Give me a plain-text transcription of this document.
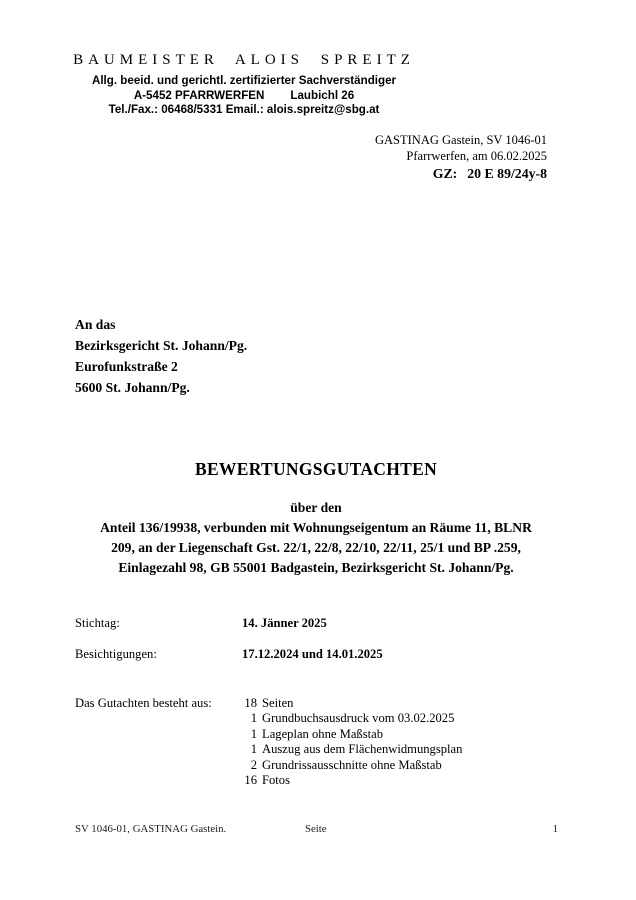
BAUMEISTER ALOIS SPREITZ
Allg. beeid. und gerichtl. zertifizierter Sachverständiger
A-5452 PFARRWERFEN Laubichl 26
Tel./Fax.: 06468/5331 Email.: alois.spreitz@sbg.at
GASTINAG Gastein, SV 1046-01
Pfarrwerfen, am 06.02.2025
GZ: 20 E 89/24y-8
An das
Bezirksgericht St. Johann/Pg.
Eurofunkstraße 2
5600 St. Johann/Pg.
BEWERTUNGSGUTACHTEN
über den
Anteil 136/19938, verbunden mit Wohnungseigentum an Räume 11, BLNR
209, an der Liegenschaft Gst. 22/1, 22/8, 22/10, 22/11, 25/1 und BP .259,
Einlagezahl 98, GB 55001 Badgastein, Bezirksgericht St. Johann/Pg.
Stichtag:	14. Jänner 2025
Besichtigungen:	17.12.2024 und 14.01.2025
Das Gutachten besteht aus:	18 Seiten
1 Grundbuchsausdruck vom 03.02.2025
1 Lageplan ohne Maßstab
1 Auszug aus dem Flächenwidmungsplan
2 Grundrissausschnitte ohne Maßstab
16 Fotos
SV 1046-01, GASTINAG Gastein.	Seite	1
